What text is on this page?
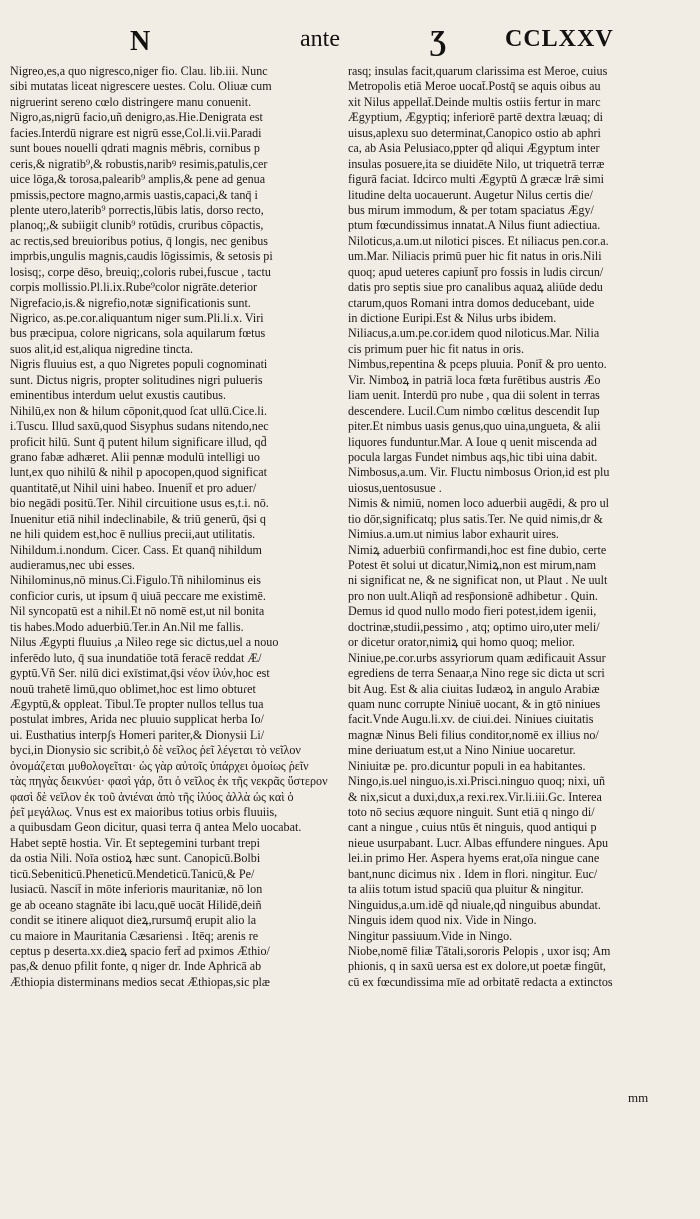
N	ante	Ʒ CCLXXV
Nigreo,es,a quo nigresco,niger fio. Clau. lib.iii. Nunc
sibi mutatas liceat nigrescere uestes. Colu. Oliuæ cum
nigruerint sereno cœlo distringere manu conuenit.
Nigro,as,nigrū facio,uñ denigro,as.Hie.Denigrata est
facies.Interdū nigrare est nigrū esse,Col.li.vii.Paradi
sunt boues nouelli qdrati magnis mēbris, cornibus p
ceris,& nigratib⁹,& robustis,naribꝰ resimis,patulis,cer
uice lōga,& torosa,palearib⁹ amplis,& pene ad genua
pmissis,pectore magno,armis uastis,capaci,& tanq̄ i
plente utero,laterib⁹ porrectis,lūbis latis, dorso recto,
planoq;,& subiigit clunib⁹ rotūdis, cruribus cōpactis,
ac rectis,sed breuioribus potius, q̄ longis, nec genibus
imprbis,ungulis magnis,caudis lōgissimis, & setosis pi
losisq;, corpe dēso, breuiq;,coloris rubei,fuscue , tactu
corpis mollissio.Pl.li.ix.Rube⁹color nigrāte.deterior
Nigrefacio,is.& nigrefio,notæ significationis sunt.
Nigrico, as.pe.cor.aliquantum niger sum.Pli.li.x. Viri
bus præcipua, colore nigricans, sola aquilarum fœtus
suos alit,id est,aliqua nigredine tincta.
Nigris fluuius est, a quo Nigretes populi cognominati
sunt. Dictus nigris, propter solitudines nigri pulueris
eminentibus interdum uelut exustis cautibus.
Nihilū,ex non & hilum cōponit,quod ſcat ullū.Cice.li.
i.Tuscu. Illud saxū,quod Sisyphus sudans nitendo,nec
proficit hilū. Sunt q̄ putent hilum significare illud, qd̄
grano fabæ adhæret. Alii pennæ modulū intelligi uo
lunt,ex quo nihilū & nihil p apocopen,quod significat
quantitatē,ut Nihil uini habeo. Inuenit̄ et pro aduer/
bio negādi positū.Ter. Nihil circuitione usus es,t.i. nō.
Inuenitur etiā nihil indeclinabile, & triū generū, q̄si q
ne hili quidem est,hoc ē nullius precii,aut utilitatis.
Nihildum.i.nondum. Cicer. Cass. Et quanq̄ nihildum
audieramus,nec ubi esses.
Nihilominus,nō minus.Ci.Figulo.Tñ nihilominus eis
conficior curis, ut ipsum q̄ uiuā peccare me existimē.
Nil syncopatū est a nihil.Et nō nomē est,ut nil bonita
tis habes.Modo aduerbiū.Ter.in An.Nil me fallis.
Nilus Ægypti fluuius ,a Nileo rege sic dictus,uel a nouo
inferēdo luto, q̄ sua inundatiōe totā feracē reddat Æ/
gyptū.Vñ Ser. nilū dici exīstimat,q̄si νέον ἰλύν,hoc est
nouū trahetē limū,quo oblimet,hoc est limo obtuɾet
Ægyptū,& oppleat. Tibul.Te propter nullos tellus tua
postulat imbres, Arida nec pluuio supplicat herba Io/
ui. Eusthatius interpʃs Homeri pariter,& Dionysii Li/
byci,in Dionysio sic scribit,ὁ δὲ νεῖλος ῥεῖ λέγεται τὸ νεῖλον
ὀνομάζεται μυθολογεῖται· ὡς γὰρ αὐτοῖς ὑπάρχει ὁμοίως ῥεῖν
τὰς πηγὰς δεικνύει· φασὶ γάρ, ὅτι ὁ νεῖλος ἐκ τῆς νεκρᾶς ὕστερον
φασὶ δὲ νεῖλον ἐκ τοῦ ἀνιέναι ἀπὸ τῆς ἰλύος ἀλλὰ ὡς καὶ ὁ
ῥεῖ μεγάλως. Vnus est ex maioribus totius orbis fluuiis,
a quibusdam Geon dicitur, quasi terra q̄ antea Melo uocabat.
Habet septē hostia. Vir. Et septegemini turbant trepi
da ostia Nili. Noīa ostioꝝ hæc sunt. Canopicū.Bolbi
ticū.Sebeniticū.Pheneticū.Mendeticū.Tanicū,& Pe/
lusiacū. Nascit̄ in mōte inferioris mauritaniæ, nō lon
ge ab oceano stagnāte ibi lacu,quē uocāt Hilidē,deiñ
condit se itinere aliquot dieꝝ,rursumq̄ erupit alio la
cu maiore in Mauritania Cæsariensi . Itēq; arenis re
ceptus p deserta.xx.dieꝝ spacio fert̄ ad pximos Æthio/
pas,& denuo pfilit fonte, q niger dr. Inde Aphricā ab
Æthiopia disterminans medios secat Æthiopas,sic plæ
rasq; insulas facit,quarum clarissima est Meroe, cuius
Metropolis etiā Meroe uocat̄.Postq̄ se aquis oibus au
xit Nilus appellat̄.Deinde multis ostiis fertur in marc
Ægyptium, Ægyptiq; inferiorē partē dextra læuaq; di
uisus,aplexu suo determinat,Canopico ostio ab aphri
ca, ab Asia Pelusiaco,ppter qd̄ aliqui Ægyptum inter
insulas posuere,ita se diuidēte Nilo, ut triquetrā terræ
figurā faciat. Idcirco multi Ægyptū Δ græcæ lrǣ simi
litudine delta uocauerunt. Augetur Nilus certis die/
bus mirum immodum, & per totam spaciatus Ægy/
ptum fœcundissimus innatat.A Nilus fiunt adiectiua.
Niloticus,a.um.ut nilotici pisces. Et niliacus pen.cor.a.
um.Mar. Niliacis primū puer hic fit natus in oris.Nili
quoq; apud ueteres capiunt̄ pro fossis in ludis circun/
datis pro septis siue pro canalibus aquaꝝ aliūde dedu
ctarum,quos Romani intra domos deducebant, uide
in dictione Euripi.Est & Nilus urbs ibidem.
Niliacus,a.um.pe.cor.idem quod niloticus.Mar. Nilia
cis primum puer hic fit natus in oris.
Nimbus,repentina & pceps pluuia. Ponit̄ & pro uento.
Vir. Nimboꝝ in patriā loca fœta furētibus austris Æo
liam uenit. Interdū pro nube , qua dii solent in terras
descendere. Lucil.Cum nimbo cœlitus descendit Iup
piter.Et nimbus uasis genus,quo uina,ungueta, & alii
liquores funduntur.Mar. A Ioue q uenit miscenda ad
pocula largas Fundet nimbus aqs,hic tibi uina dabit.
Nimbosus,a.um. Vir. Fluctu nimbosus Orion,id est plu
uiosus,uentosusue .
Nimis & nimiū, nomen loco aduerbii augēdi, & pro ul
tio dōr,significatq; plus satis.Ter. Ne quid nimis,dr &
Nimius.a.um.ut nimius labor exhaurit uires.
Nimiꝝ aduerbiū confirmandi,hoc est fine dubio, certe
Potest ēt solui ut dicatur,Nimiꝝ,non est mirum,nam
ni significat ne, & ne significat non, ut Plaut . Ne uult
pro non uult.Aliqñ ad resp̄onsionē adhibetur . Quin.
Demus id quod nullo modo fieri potest,idem igenii,
doctrinæ,studii,pessimo , atq; optimo uiro,uter meli/
or dicetur orator,nimiꝝ qui homo quoq; melior.
Niniue,pe.cor.urbs assyriorum quam ædificauit Assur
egrediens de terra Senaar,a Nino rege sic dicta ut scri
bit Aug. Est & alia ciuitas Iudæoꝝ in angulo Arabiæ
quam nunc corrupte Niniuē uocant, & in gtō niniues
facit.Vnde Augu.li.xv. de ciui.dei. Niniues ciuitatis
magnæ Ninus Beli filius conditor,nomē ex illius no/
mine deriuatum est,ut a Nino Niniue uocaretur.
Niniuitæ pe. pro.dicuntur populi in ea habitantes.
Ningo,is.uel ninguo,is.xi.Prisci.ninguo quoq; nixi, uñ
& nix,sicut a duxi,dux,a rexi.rex.Vir.li.iii.Gc. Interea
toto nō secius æquore ninguit. Sunt etiā q ningo di/
cant a ningue , cuius ntūs ēt ninguis, quod antiqui p
nieue usurpabant. Lucr. Albas effundere ningues. Apu
lei.in primo Her. Aspera hyems erat,oīa ningue cane
bant,nunc dicimus nix . Idem in flori. ningitur. Euc/
ta aliis totum istud spaciū qua pluitur & ningitur.
Ninguidus,a.um.idē qd̄ niuale,qd̄ ninguibus abundat.
Ninguis idem quod nix. Vide in Ningo.
Ningitur passiuum.Vide in Ningo.
Niobe,nomē filiæ Tātali,sororis Pelopis , uxor isq; Am
phionis, q in saxū uersa est ex dolore,ut poetæ fingūt,
cū ex fœcundissima mīe ad orbitatē redacta a extinctos
mm
